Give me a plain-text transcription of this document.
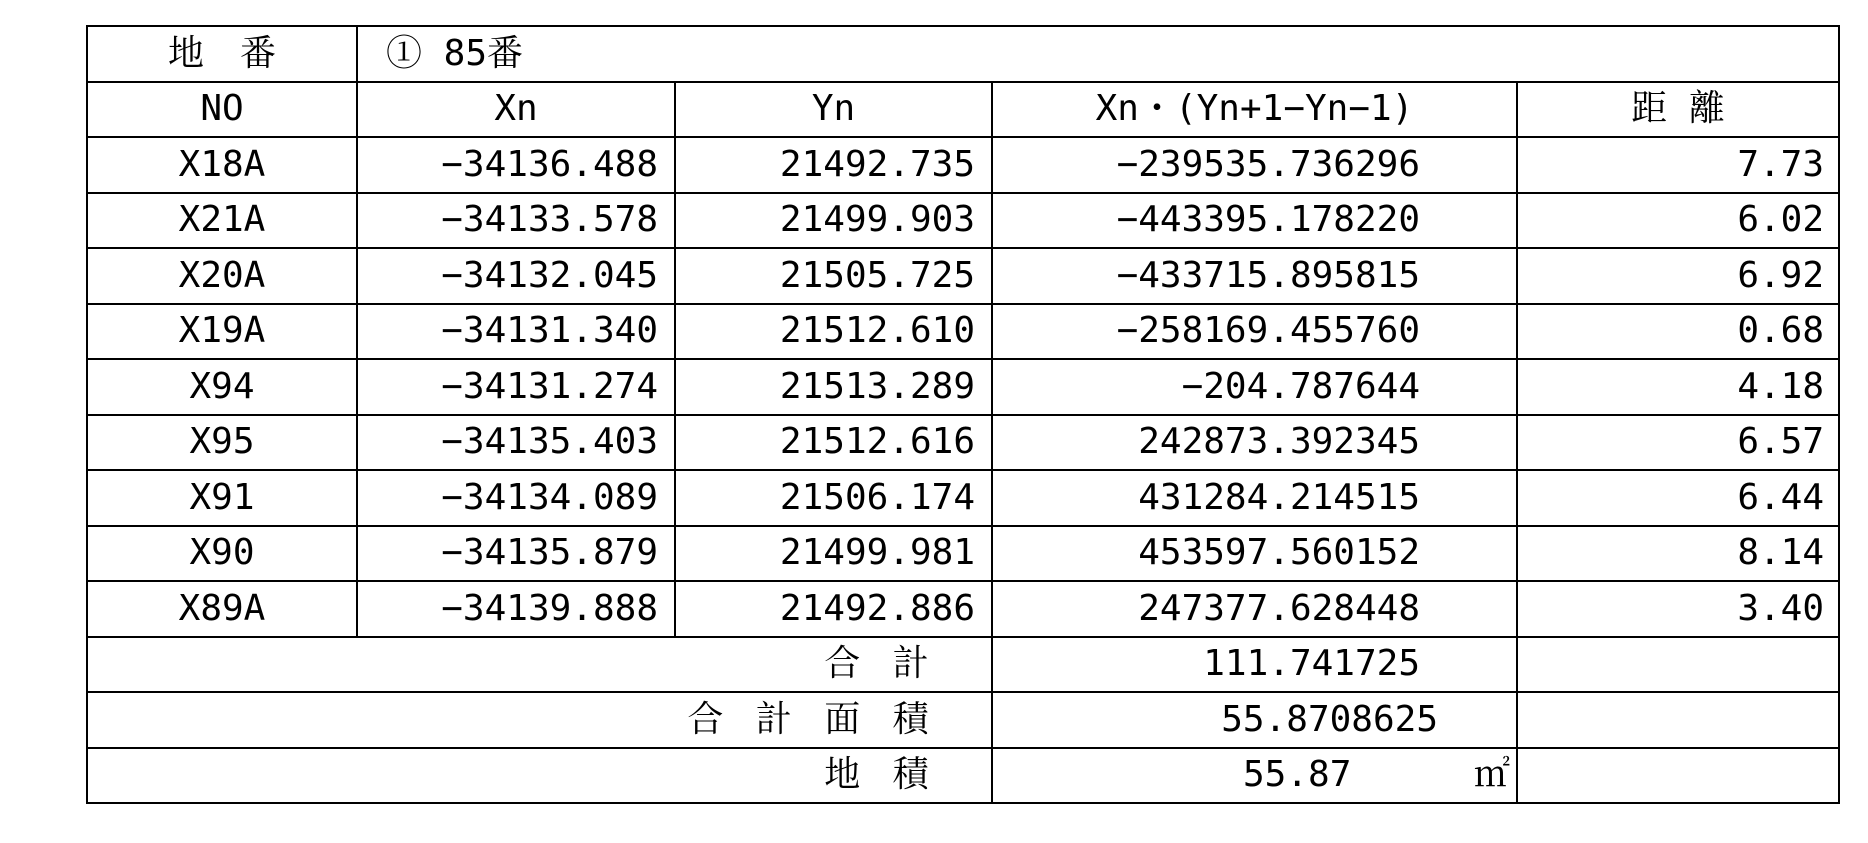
地　番	① 85番			
NO	Xn	Yn	Xn・(Yn+1−Yn−1)	距 離
X18A	−34136.488	21492.735	−239535.736296	7.73
X21A	−34133.578	21499.903	−443395.178220	6.02
X20A	−34132.045	21505.725	−433715.895815	6.92
X19A	−34131.340	21512.610	−258169.455760	0.68
X94	−34131.274	21513.289	−204.787644	4.18
X95	−34135.403	21512.616	242873.392345	6.57
X91	−34134.089	21506.174	431284.214515	6.44
X90	−34135.879	21499.981	453597.560152	8.14
X89A	−34139.888	21492.886	247377.628448	3.40
合計			111.741725	
合計面積			55.8708625	
地積			55.87 ㎡	
